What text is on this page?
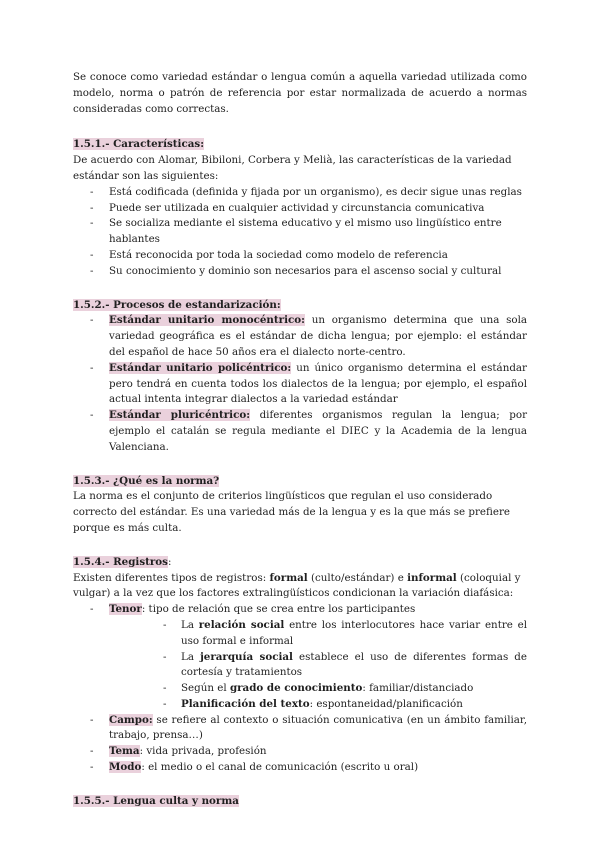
Se conoce como variedad estándar o lengua común a aquella variedad utilizada como modelo, norma o patrón de referencia por estar normalizada de acuerdo a normas consideradas como correctas.

1.5.1.- Características:

De acuerdo con Alomar, Bibiloni, Corbera y Melià, las características de la variedad estándar son las siguientes:

- Está codificada (definida y fijada por un organismo), es decir sigue unas reglas
- Puede ser utilizada en cualquier actividad y circunstancia comunicativa
- Se socializa mediante el sistema educativo y el mismo uso lingüístico entre hablantes
- Está reconocida por toda la sociedad como modelo de referencia
- Su conocimiento y dominio son necesarios para el ascenso social y cultural

1.5.2.- Procesos de estandarización:

- Estándar unitario monocéntrico: un organismo determina que una sola variedad geográfica es el estándar de dicha lengua; por ejemplo: el estándar del español de hace 50 años era el dialecto norte-centro.
- Estándar unitario policéntrico: un único organismo determina el estándar pero tendrá en cuenta todos los dialectos de la lengua; por ejemplo, el español actual intenta integrar dialectos a la variedad estándar
- Estándar pluricéntrico: diferentes organismos regulan la lengua; por ejemplo el catalán se regula mediante el DIEC y la Academia de la lengua Valenciana.

1.5.3.- ¿Qué es la norma?

La norma es el conjunto de criterios lingüísticos que regulan el uso considerado correcto del estándar. Es una variedad más de la lengua y es la que más se prefiere porque es más culta.

1.5.4.- Registros:

Existen diferentes tipos de registros: formal (culto/estándar) e informal (coloquial y vulgar) a la vez que los factores extralingüísticos condicionan la variación diafásica:

- Tenor: tipo de relación que se crea entre los participantes
- La relación social entre los interlocutores hace variar entre el uso formal e informal
- La jerarquía social establece el uso de diferentes formas de cortesía y tratamientos
- Según el grado de conocimiento: familiar/distanciado
- Planificación del texto: espontaneidad/planificación
- Campo: se refiere al contexto o situación comunicativa (en un ámbito familiar, trabajo, prensa…)
- Tema: vida privada, profesión
- Modo: el medio o el canal de comunicación (escrito u oral)

1.5.5.- Lengua culta y norma
